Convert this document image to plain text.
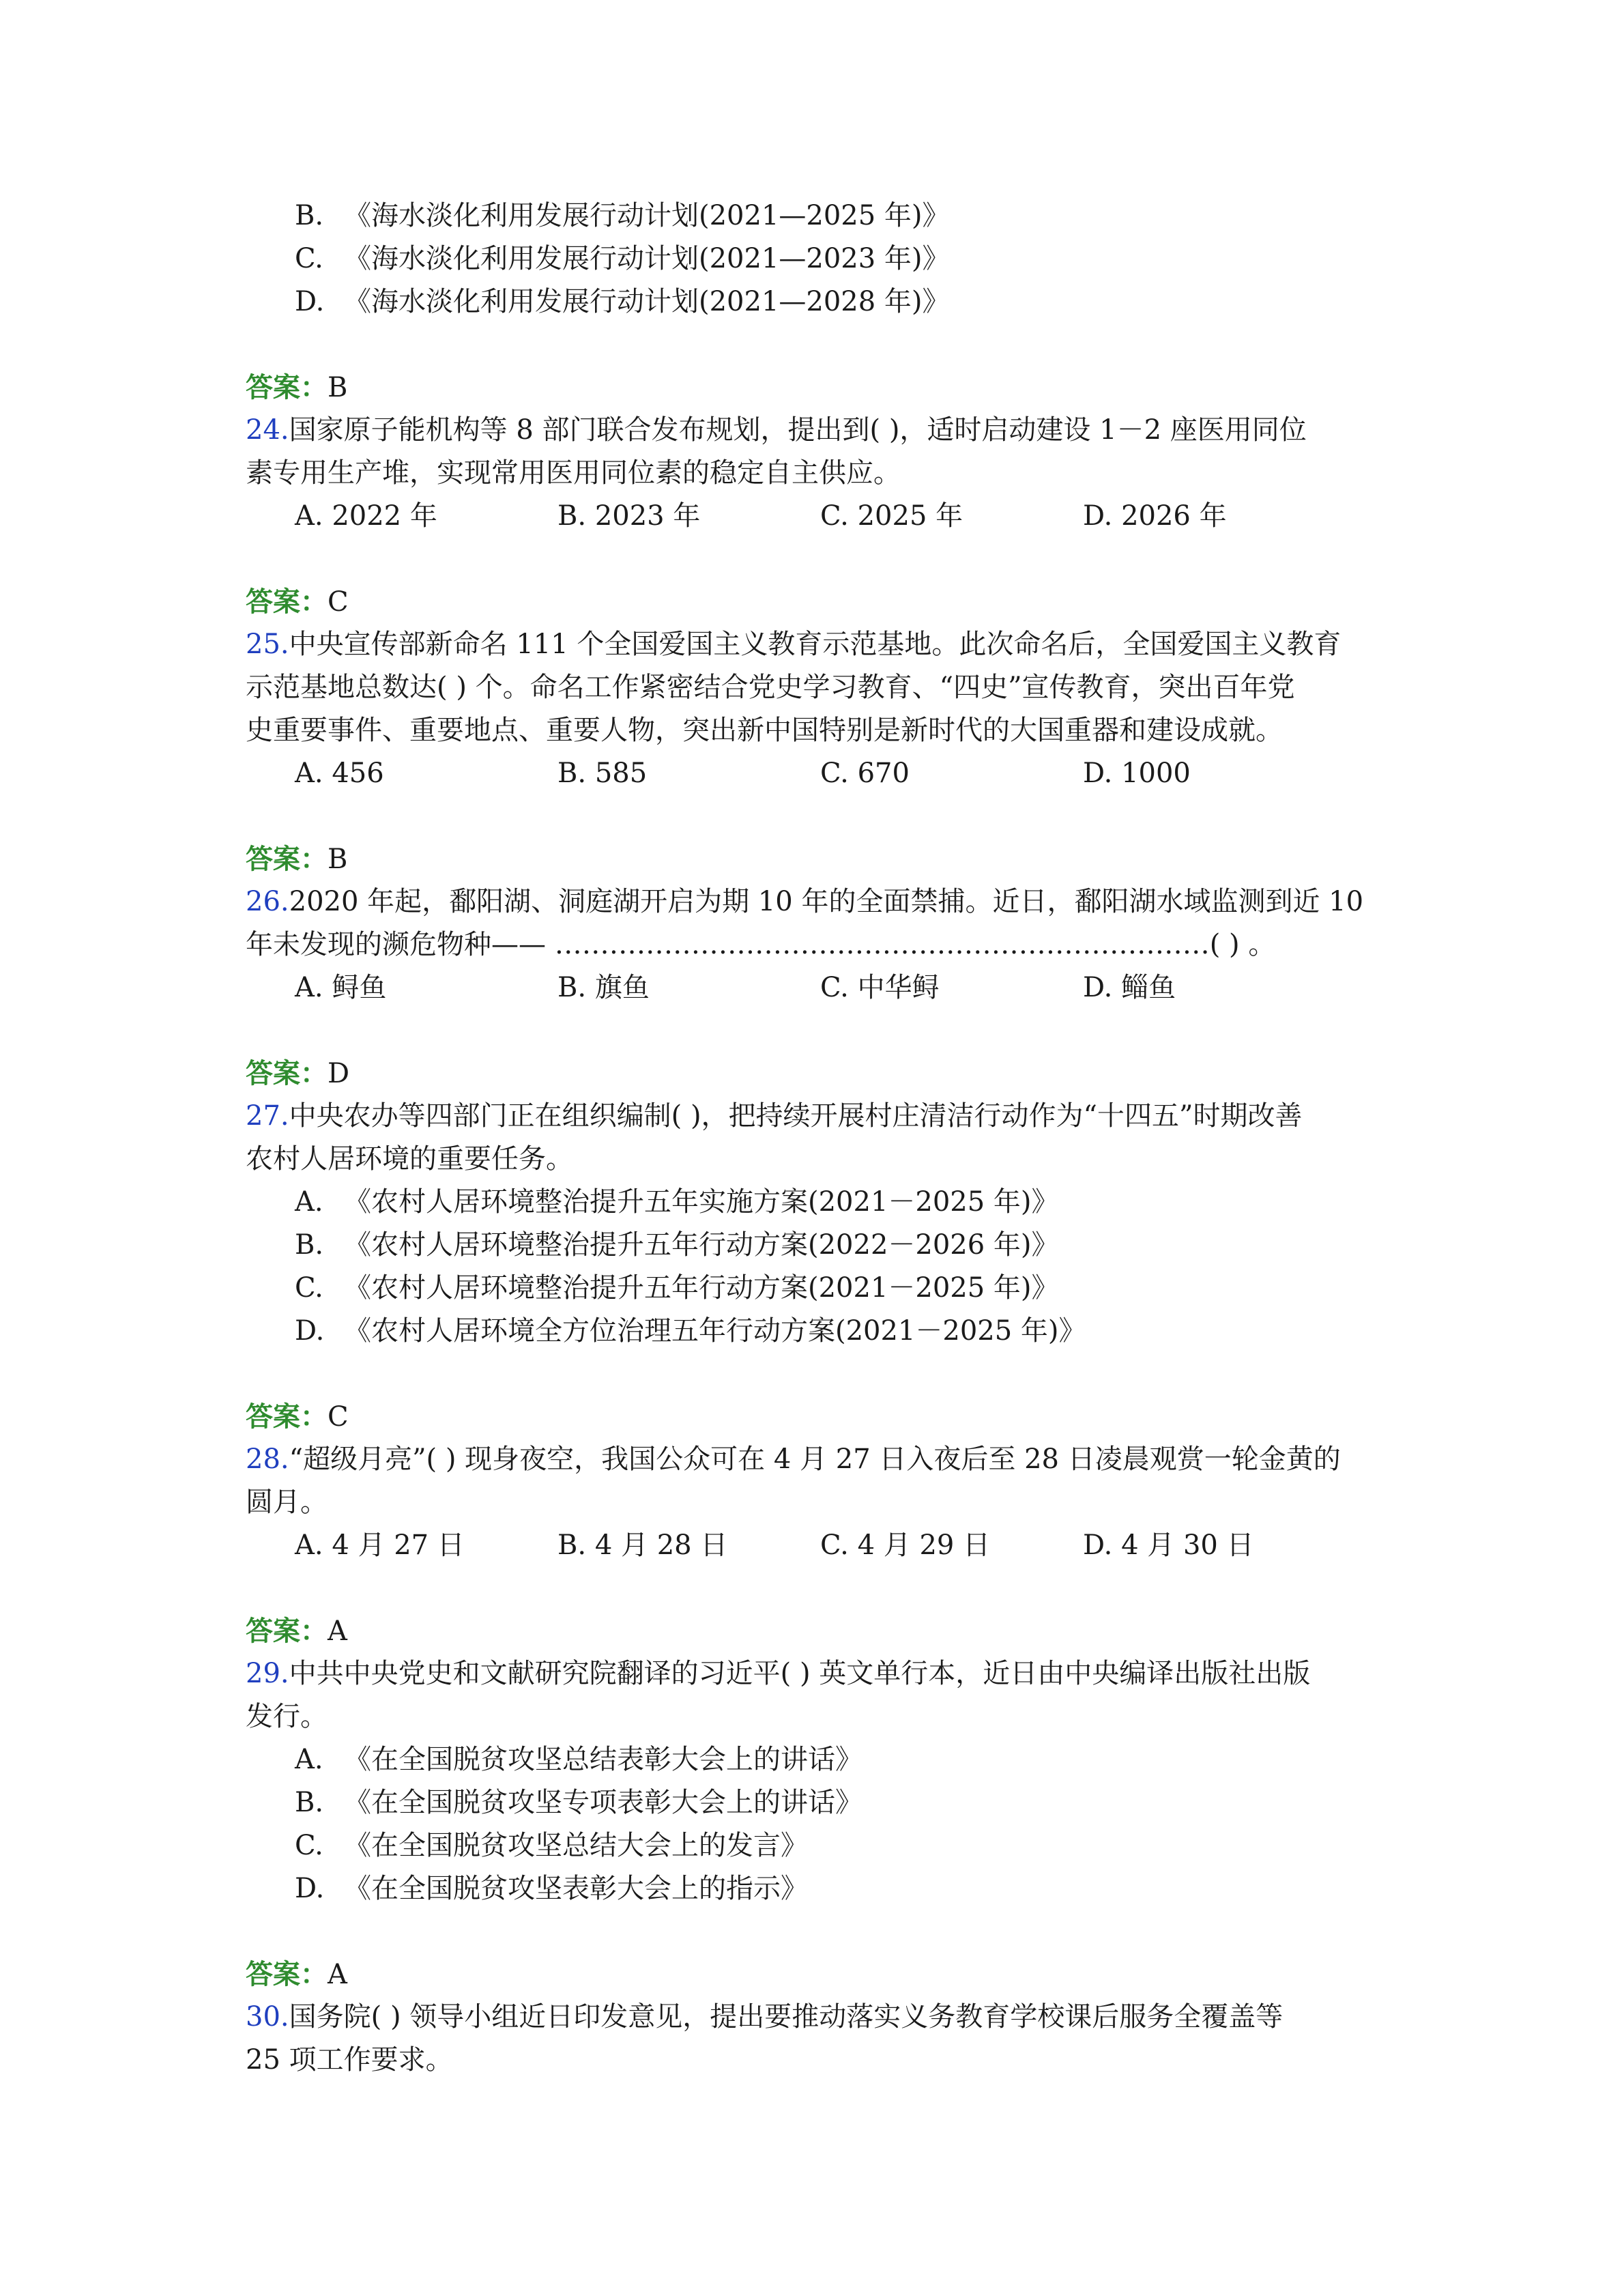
B. 《海水淡化利用发展行动计划(2021—2025 年)》
C. 《海水淡化利用发展行动计划(2021—2023 年)》
D. 《海水淡化利用发展行动计划(2021—2028 年)》
答案：B
24.国家原子能机构等 8 部门联合发布规划，提出到( )，适时启动建设 1－2 座医用同位
素专用生产堆，实现常用医用同位素的稳定自主供应。
A. 2022 年	B. 2023 年	C. 2025 年	D. 2026 年
答案：C
25.中央宣传部新命名 111 个全国爱国主义教育示范基地。此次命名后，全国爱国主义教育
示范基地总数达( ) 个。命名工作紧密结合党史学习教育、“四史”宣传教育，突出百年党
史重要事件、重要地点、重要人物，突出新中国特别是新时代的大国重器和建设成就。
A. 456	B. 585	C. 670	D. 1000
答案：B
26.2020 年起，鄱阳湖、洞庭湖开启为期 10 年的全面禁捕。近日，鄱阳湖水域监测到近 10
年未发现的濒危物种—— ………………………………………………………………( ) 。
A. 鲟鱼	B. 旗鱼	C. 中华鲟	D. 鲻鱼
答案：D
27.中央农办等四部门正在组织编制( )，把持续开展村庄清洁行动作为“十四五”时期改善
农村人居环境的重要任务。
A. 《农村人居环境整治提升五年实施方案(2021－2025 年)》
B. 《农村人居环境整治提升五年行动方案(2022－2026 年)》
C. 《农村人居环境整治提升五年行动方案(2021－2025 年)》
D. 《农村人居环境全方位治理五年行动方案(2021－2025 年)》
答案：C
28.“超级月亮”( ) 现身夜空，我国公众可在 4 月 27 日入夜后至 28 日凌晨观赏一轮金黄的
圆月。
A. 4 月 27 日	B. 4 月 28 日	C. 4 月 29 日	D. 4 月 30 日
答案：A
29.中共中央党史和文献研究院翻译的习近平( ) 英文单行本，近日由中央编译出版社出版
发行。
A. 《在全国脱贫攻坚总结表彰大会上的讲话》
B. 《在全国脱贫攻坚专项表彰大会上的讲话》
C. 《在全国脱贫攻坚总结大会上的发言》
D. 《在全国脱贫攻坚表彰大会上的指示》
答案：A
30.国务院( ) 领导小组近日印发意见，提出要推动落实义务教育学校课后服务全覆盖等
25 项工作要求。
